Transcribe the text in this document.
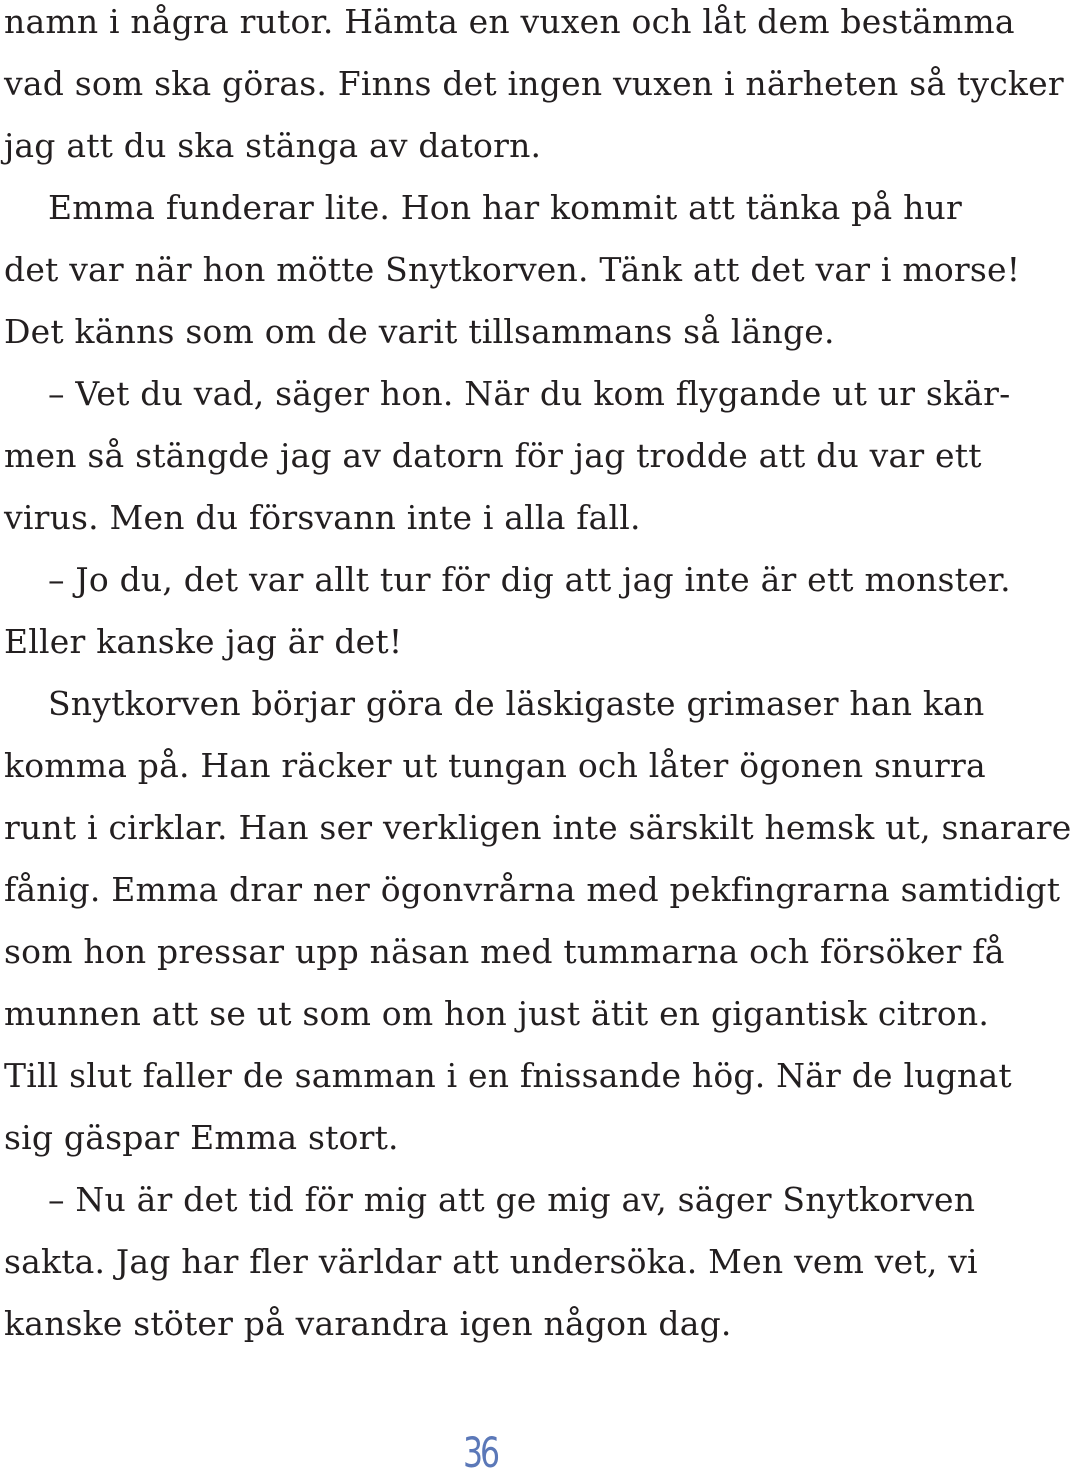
namn i några rutor. Hämta en vuxen och låt dem bestämma
vad som ska göras. Finns det ingen vuxen i närheten så tycker
jag att du ska stänga av datorn.
Emma funderar lite. Hon har kommit att tänka på hur
det var när hon mötte Snytkorven. Tänk att det var i morse!
Det känns som om de varit tillsammans så länge.
– Vet du vad, säger hon. När du kom flygande ut ur skär-
men så stängde jag av datorn för jag trodde att du var ett
virus. Men du försvann inte i alla fall.
– Jo du, det var allt tur för dig att jag inte är ett monster.
Eller kanske jag är det!
Snytkorven börjar göra de läskigaste grimaser han kan
komma på. Han räcker ut tungan och låter ögonen snurra
runt i cirklar. Han ser verkligen inte särskilt hemsk ut, snarare
fånig. Emma drar ner ögonvrårna med pekfingrarna samtidigt
som hon pressar upp näsan med tummarna och försöker få
munnen att se ut som om hon just ätit en gigantisk citron.
Till slut faller de samman i en fnissande hög. När de lugnat
sig gäspar Emma stort.
– Nu är det tid för mig att ge mig av, säger Snytkorven
sakta. Jag har fler världar att undersöka. Men vem vet, vi
kanske stöter på varandra igen någon dag.
36
